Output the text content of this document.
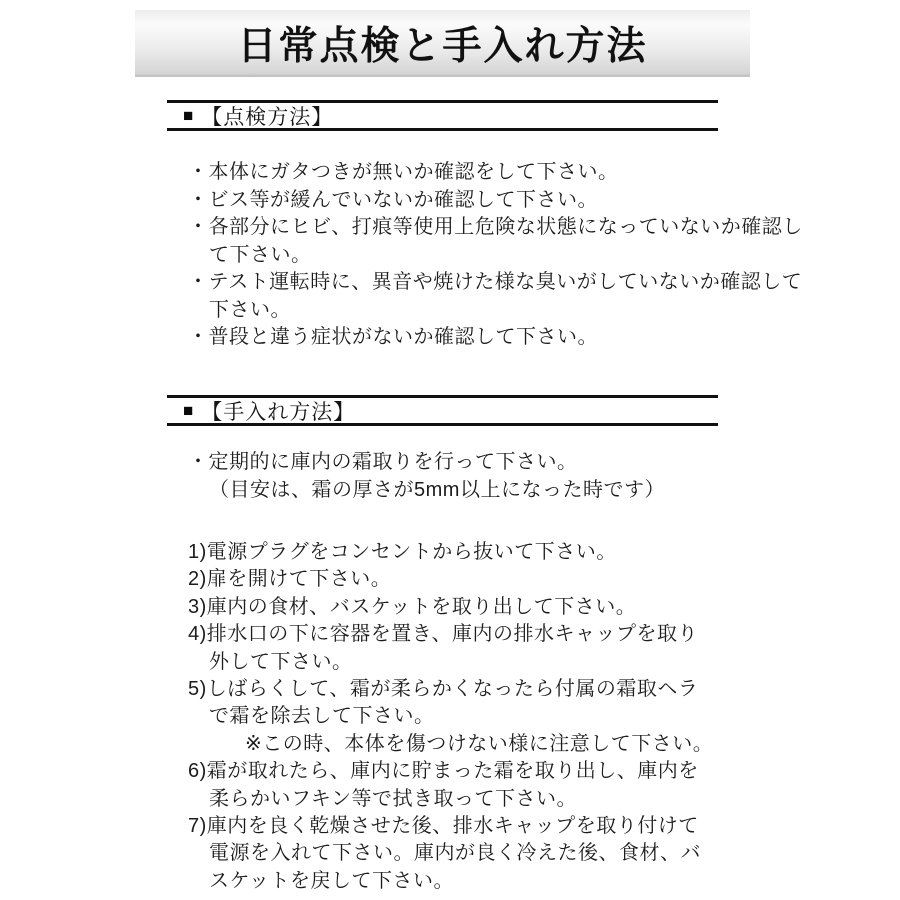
日常点検と手入れ方法
■ 【点検方法】
・本体にガタつきが無いか確認をして下さい。
・ビス等が緩んでいないか確認して下さい。
・各部分にヒビ、打痕等使用上危険な状態になっていないか確認し
て下さい。
・テスト運転時に、異音や焼けた様な臭いがしていないか確認して
下さい。
・普段と違う症状がないか確認して下さい。
■ 【手入れ方法】
・定期的に庫内の霜取りを行って下さい。
（目安は、霜の厚さが5mm以上になった時です）
1)電源プラグをコンセントから抜いて下さい。
2)扉を開けて下さい。
3)庫内の食材、バスケットを取り出して下さい。
4)排水口の下に容器を置き、庫内の排水キャップを取り
外して下さい。
5)しばらくして、霜が柔らかくなったら付属の霜取ヘラ
で霜を除去して下さい。
※この時、本体を傷つけない様に注意して下さい。
6)霜が取れたら、庫内に貯まった霜を取り出し、庫内を
柔らかいフキン等で拭き取って下さい。
7)庫内を良く乾燥させた後、排水キャップを取り付けて
電源を入れて下さい。庫内が良く冷えた後、食材、バ
スケットを戻して下さい。
